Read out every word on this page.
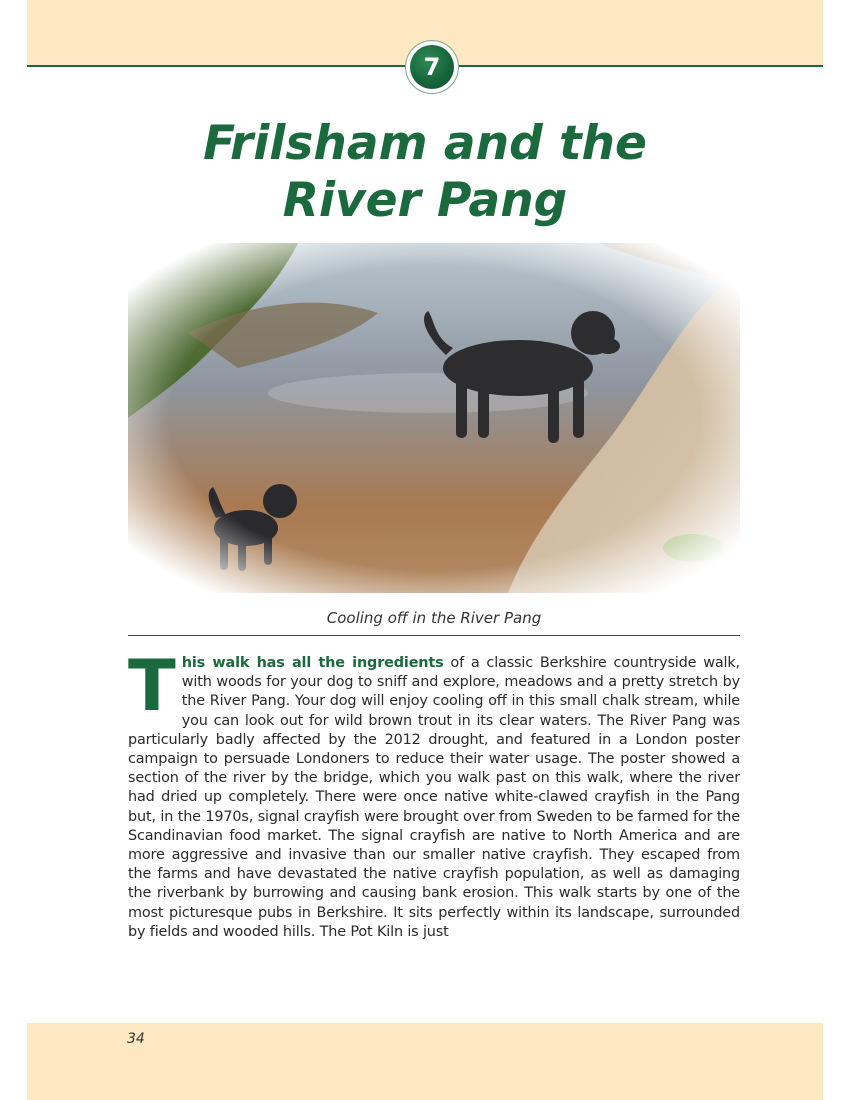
7
Frilsham and the
River Pang
Cooling off in the River Pang

This walk has all the ingredients of a classic Berkshire countryside walk, with woods for your dog to sniff and explore, meadows and a pretty stretch by the River Pang. Your dog will enjoy cooling off in this small chalk stream, while you can look out for wild brown trout in its clear waters. The River Pang was particularly badly affected by the 2012 drought, and featured in a London poster campaign to persuade Londoners to reduce their water usage. The poster showed a section of the river by the bridge, which you walk past on this walk, where the river had dried up completely. There were once native white-clawed crayfish in the Pang but, in the 1970s, signal crayfish were brought over from Sweden to be farmed for the Scandinavian food market. The signal crayfish are native to North America and are more aggressive and invasive than our smaller native crayfish. They escaped from the farms and have devastated the native crayfish population, as well as damaging the riverbank by burrowing and causing bank erosion. This walk starts by one of the most picturesque pubs in Berkshire. It sits perfectly within its landscape, surrounded by fields and wooded hills. The Pot Kiln is just

34
